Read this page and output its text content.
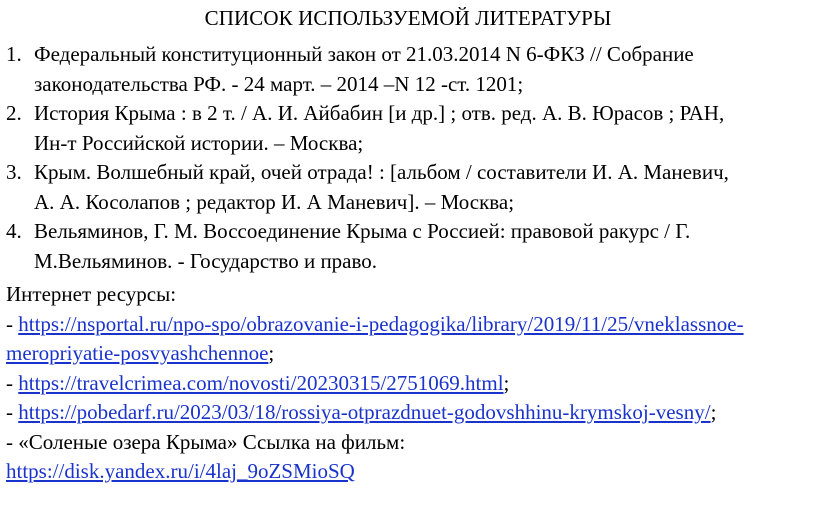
СПИСОК ИСПОЛЬЗУЕМОЙ ЛИТЕРАТУРЫ
1. Федеральный конституционный закон от 21.03.2014 N 6-ФКЗ // Собрание
законодательства РФ. - 24 март. – 2014 –N 12 -ст. 1201;
2. История Крыма : в 2 т. / А. И. Айбабин [и др.] ; отв. ред. А. В. Юрасов ; РАН,
Ин-т Российской истории. – Москва;
3. Крым. Волшебный край, очей отрада! : [альбом / составители И. А. Маневич,
А. А. Косолапов ; редактор И. А Маневич]. – Москва;
4. Вельяминов, Г. М. Воссоединение Крыма с Россией: правовой ракурс / Г.
М.Вельяминов. - Государство и право.
Интернет ресурсы:
- https://nsportal.ru/npo-spo/obrazovanie-i-pedagogika/library/2019/11/25/vneklassnoe-
meropriyatie-posvyashchennoe;
- https://travelcrimea.com/novosti/20230315/2751069.html;
- https://pobedarf.ru/2023/03/18/rossiya-otprazdnuet-godovshhinu-krymskoj-vesny/;
- «Соленые озера Крыма» Ссылка на фильм:
https://disk.yandex.ru/i/4laj_9oZSMioSQ
